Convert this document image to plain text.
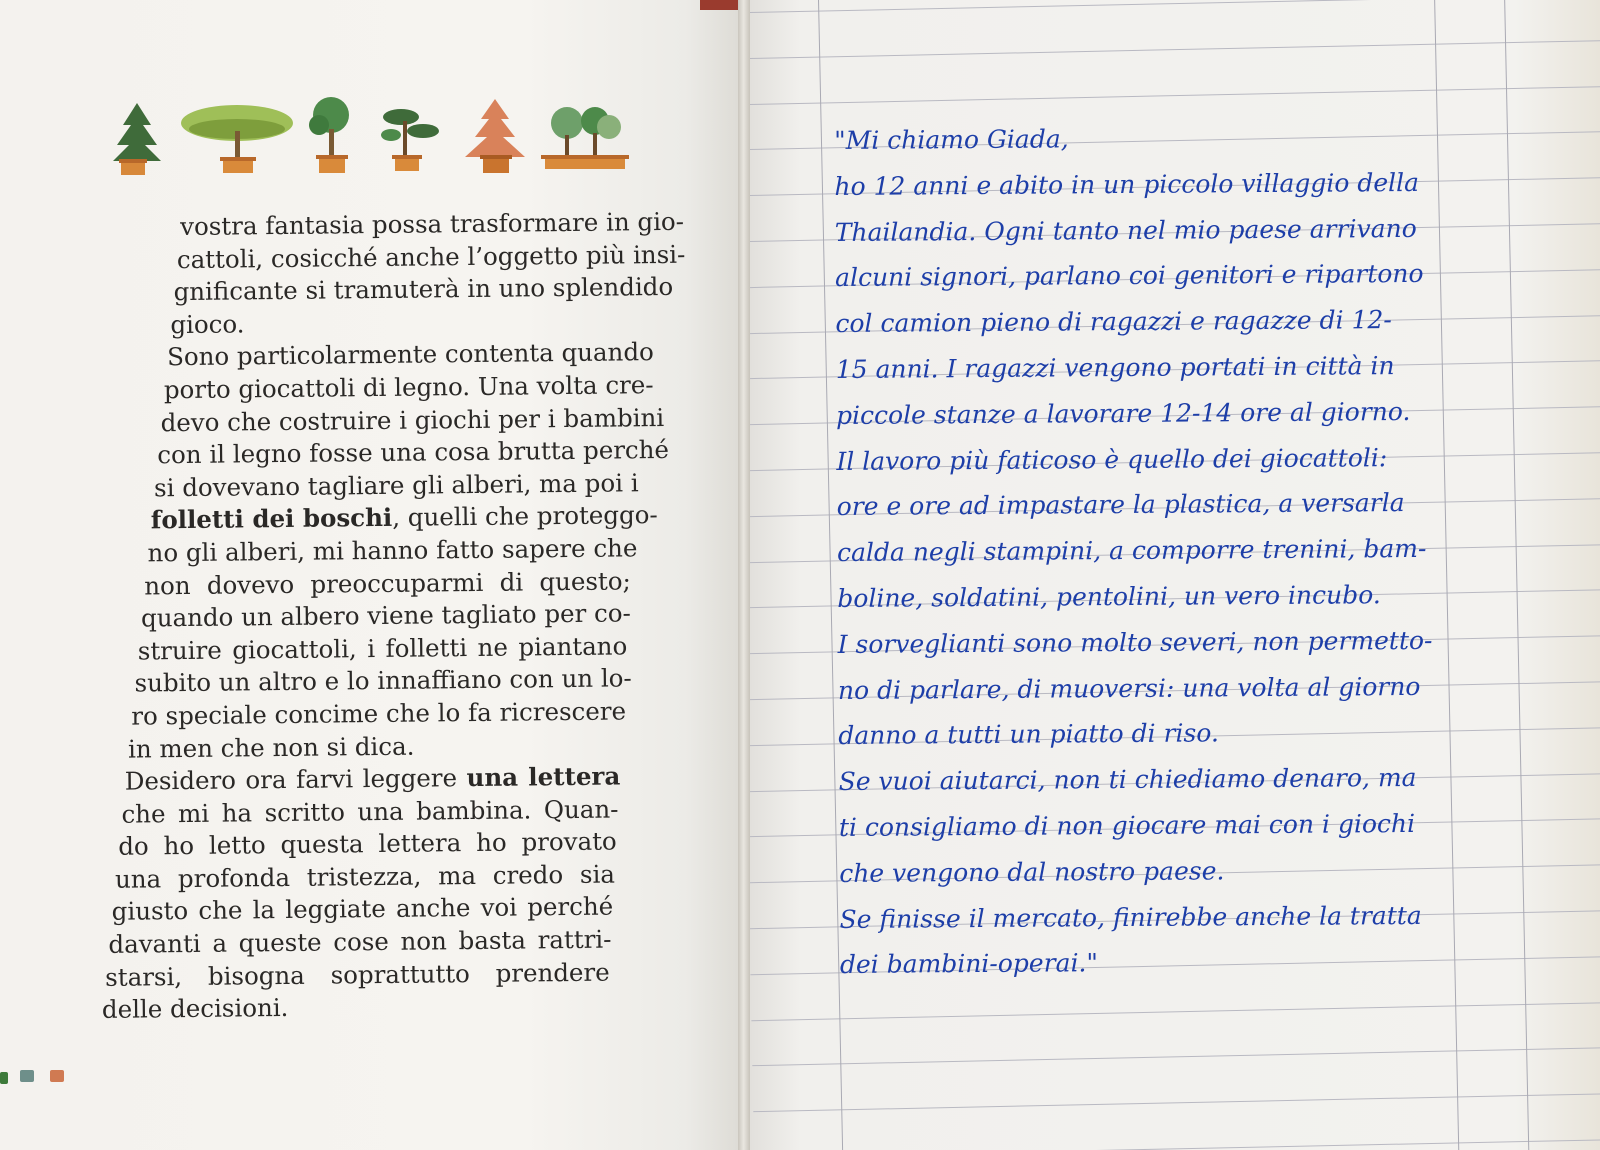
vostra fantasia possa trasformare in gio-
cattoli, cosicché anche l’oggetto più insi-
gnificante si tramuterà in uno splendido
gioco.
Sono particolarmente contenta quando
porto giocattoli di legno. Una volta cre-
devo che costruire i giochi per i bambini
con il legno fosse una cosa brutta perché
si dovevano tagliare gli alberi, ma poi i
folletti dei boschi, quelli che proteggo-
no gli alberi, mi hanno fatto sapere che
non dovevo preoccuparmi di questo;
quando un albero viene tagliato per co-
struire giocattoli, i folletti ne piantano
subito un altro e lo innaffiano con un lo-
ro speciale concime che lo fa ricrescere
in men che non si dica.
Desidero ora farvi leggere una lettera
che mi ha scritto una bambina. Quan-
do ho letto questa lettera ho provato
una profonda tristezza, ma credo sia
giusto che la leggiate anche voi perché
davanti a queste cose non basta rattri-
starsi, bisogna soprattutto prendere
delle decisioni.
"Mi chiamo Giada,
ho 12 anni e abito in un piccolo villaggio della
Thailandia. Ogni tanto nel mio paese arrivano
alcuni signori, parlano coi genitori e ripartono
col camion pieno di ragazzi e ragazze di 12-
15 anni. I ragazzi vengono portati in città in
piccole stanze a lavorare 12-14 ore al giorno.
Il lavoro più faticoso è quello dei giocattoli:
ore e ore ad impastare la plastica, a versarla
calda negli stampini, a comporre trenini, bam-
boline, soldatini, pentolini, un vero incubo.
I sorveglianti sono molto severi, non permetto-
no di parlare, di muoversi: una volta al giorno
danno a tutti un piatto di riso.
Se vuoi aiutarci, non ti chiediamo denaro, ma
ti consigliamo di non giocare mai con i giochi
che vengono dal nostro paese.
Se finisse il mercato, finirebbe anche la tratta
dei bambini-operai."
